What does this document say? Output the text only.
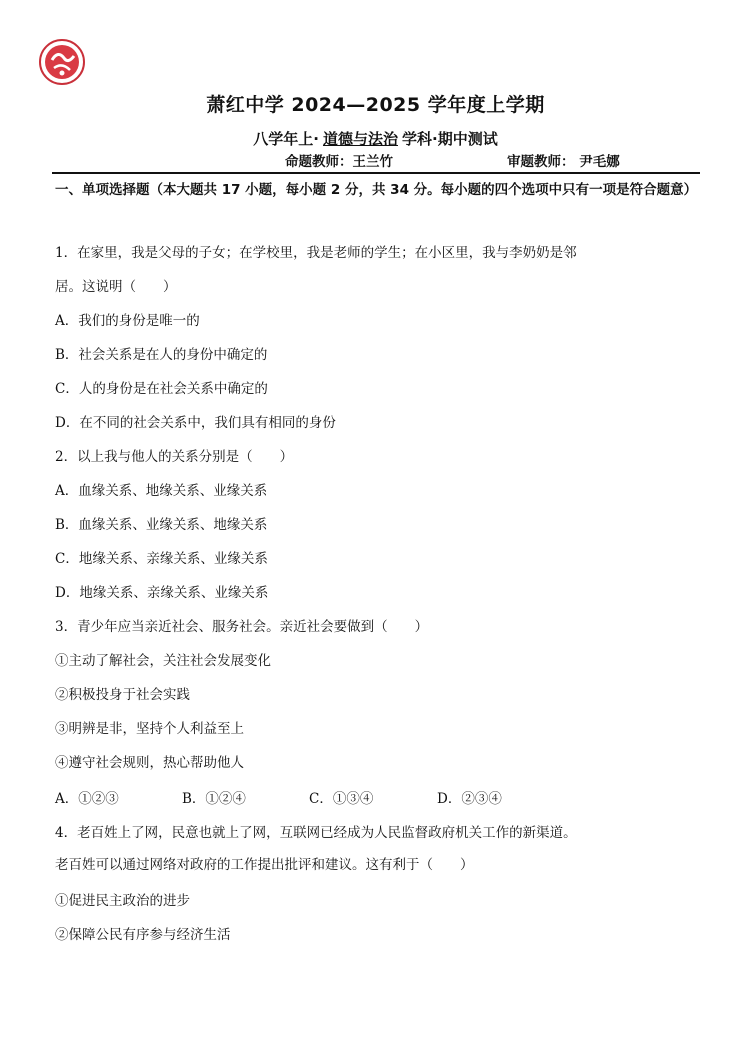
萧红中学 2024—2025 学年度上学期
八学年上· 道德与法治 学科·期中测试
命题教师：王兰竹	审题教师： 尹毛娜
一、单项选择题（本大题共 17 小题，每小题 2 分，共 34 分。每小题的四个选项中只有一项是符合题意）
1．在家里，我是父母的子女；在学校里，我是老师的学生；在小区里，我与李奶奶是邻
居。这说明（　　）
A．我们的身份是唯一的
B．社会关系是在人的身份中确定的
C．人的身份是在社会关系中确定的
D．在不同的社会关系中，我们具有相同的身份
2．以上我与他人的关系分别是（　　）
A．血缘关系、地缘关系、业缘关系
B．血缘关系、业缘关系、地缘关系
C．地缘关系、亲缘关系、业缘关系
D．地缘关系、亲缘关系、业缘关系
3．青少年应当亲近社会、服务社会。亲近社会要做到（　　）
①主动了解社会，关注社会发展变化
②积极投身于社会实践
③明辨是非，坚持个人利益至上
④遵守社会规则，热心帮助他人
A．①②③	B．①②④	C．①③④	D．②③④
4．老百姓上了网，民意也就上了网，互联网已经成为人民监督政府机关工作的新渠道。
老百姓可以通过网络对政府的工作提出批评和建议。这有利于（　　）
①促进民主政治的进步
②保障公民有序参与经济生活
